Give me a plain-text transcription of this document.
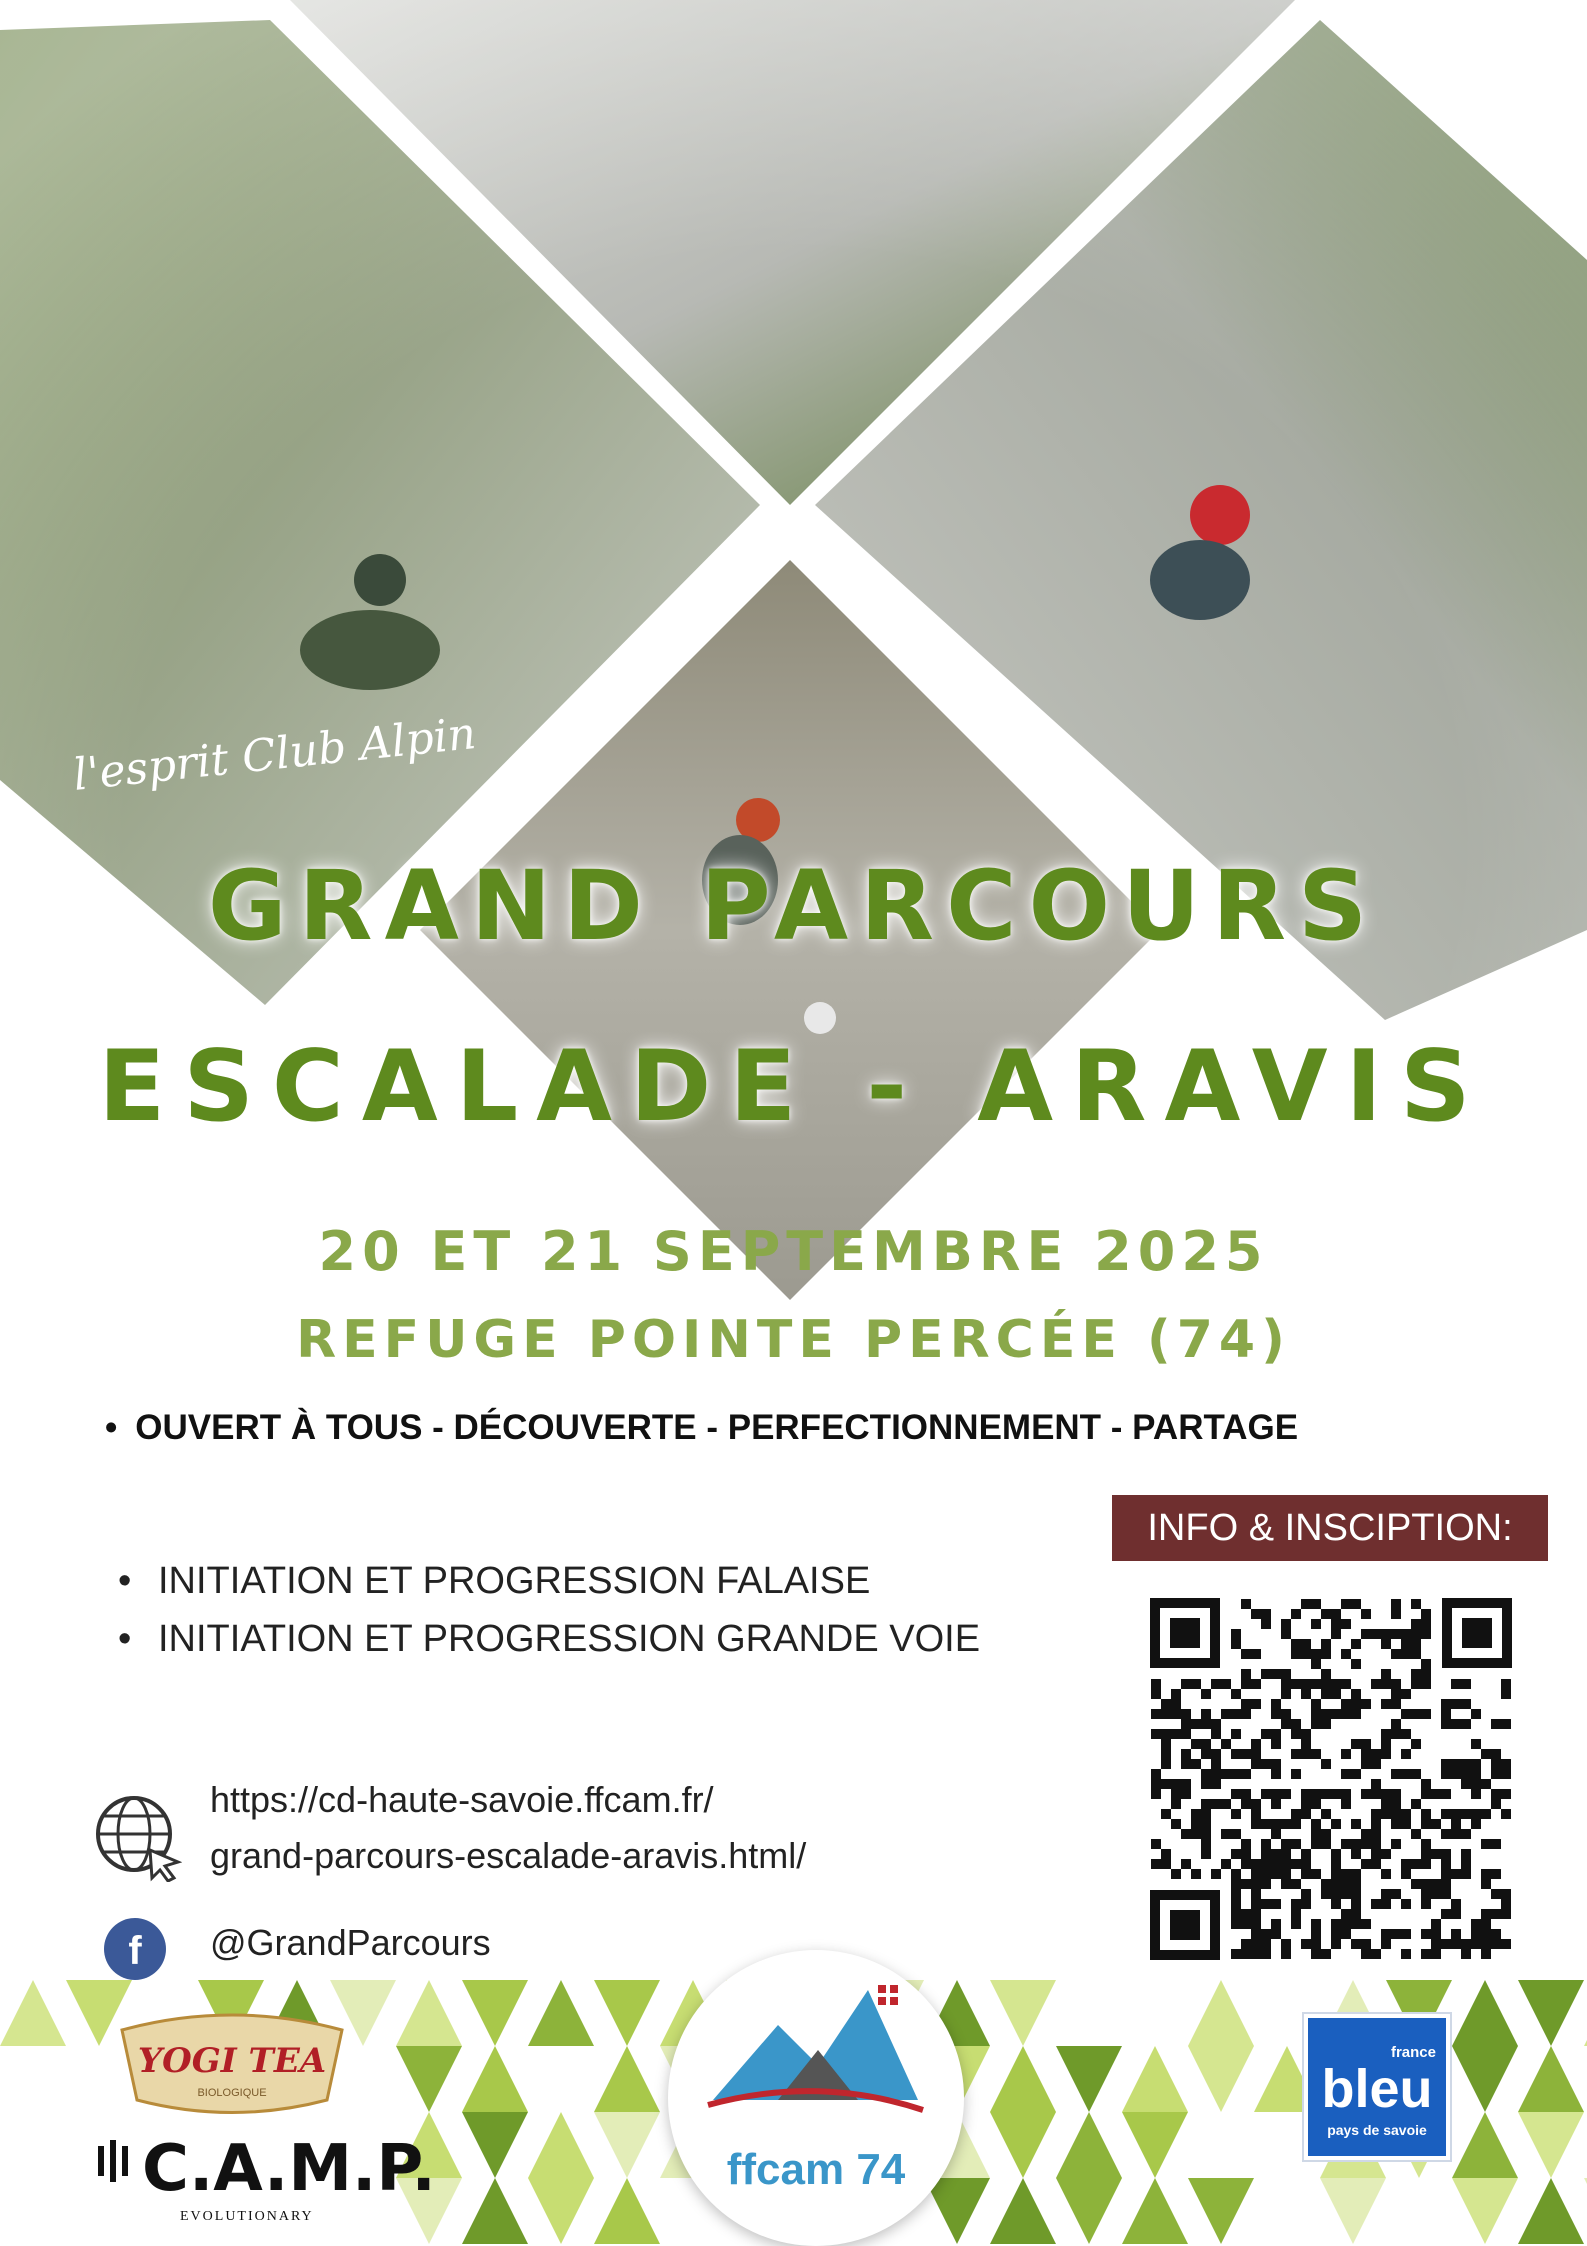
l'esprit Club Alpin
GRAND PARCOURS
ESCALADE - ARAVIS
20 ET 21 SEPTEMBRE 2025
REFUGE POINTE PERCÉE (74)
• OUVERT À TOUS - DÉCOUVERTE - PERFECTIONNEMENT - PARTAGE
INFO & INSCIPTION:
• INITIATION ET PROGRESSION FALAISE
• INITIATION ET PROGRESSION GRANDE VOIE
https://cd-haute-savoie.ffcam.fr/
grand-parcours-escalade-aravis.html/
f @GrandParcours
ffcam 74
YOGI TEA
BIOLOGIQUE
C.A.M.P.
EVOLUTIONARY
france
bleu
pays de savoie
